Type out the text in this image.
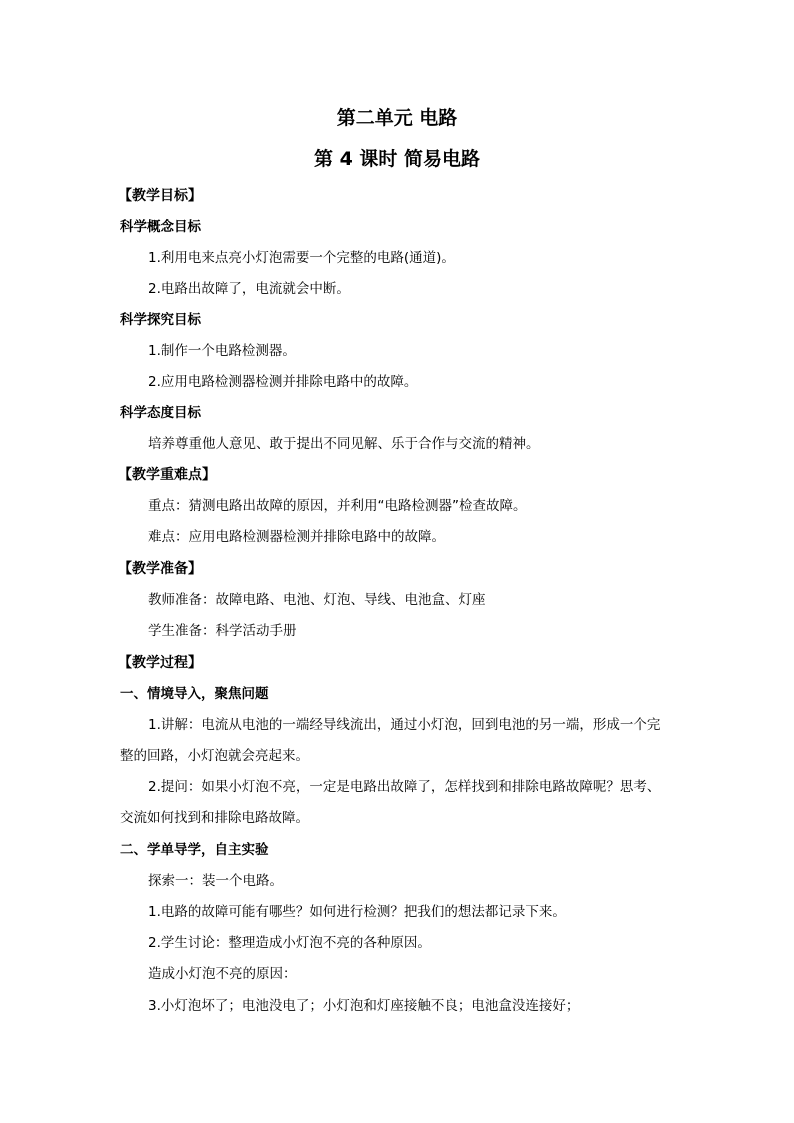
第二单元 电路
第 4 课时 简易电路
【教学目标】
科学概念目标
1.利用电来点亮小灯泡需要一个完整的电路(通道)。
2.电路出故障了，电流就会中断。
科学探究目标
1.制作一个电路检测器。
2.应用电路检测器检测并排除电路中的故障。
科学态度目标
培养尊重他人意见、敢于提出不同见解、乐于合作与交流的精神。
【教学重难点】
重点：猜测电路出故障的原因，并利用“电路检测器”检查故障。
难点：应用电路检测器检测并排除电路中的故障。
【教学准备】
教师准备：故障电路、电池、灯泡、导线、电池盒、灯座
学生准备：科学活动手册
【教学过程】
一、情境导入，聚焦问题
1.讲解：电流从电池的一端经导线流出，通过小灯泡，回到电池的另一端，形成一个完
整的回路，小灯泡就会亮起来。
2.提问：如果小灯泡不亮，一定是电路出故障了，怎样找到和排除电路故障呢？思考、
交流如何找到和排除电路故障。
二、学单导学，自主实验
探索一：装一个电路。
1.电路的故障可能有哪些？如何进行检测？把我们的想法都记录下来。
2.学生讨论：整理造成小灯泡不亮的各种原因。
造成小灯泡不亮的原因：
3.小灯泡坏了；电池没电了；小灯泡和灯座接触不良；电池盒没连接好；
